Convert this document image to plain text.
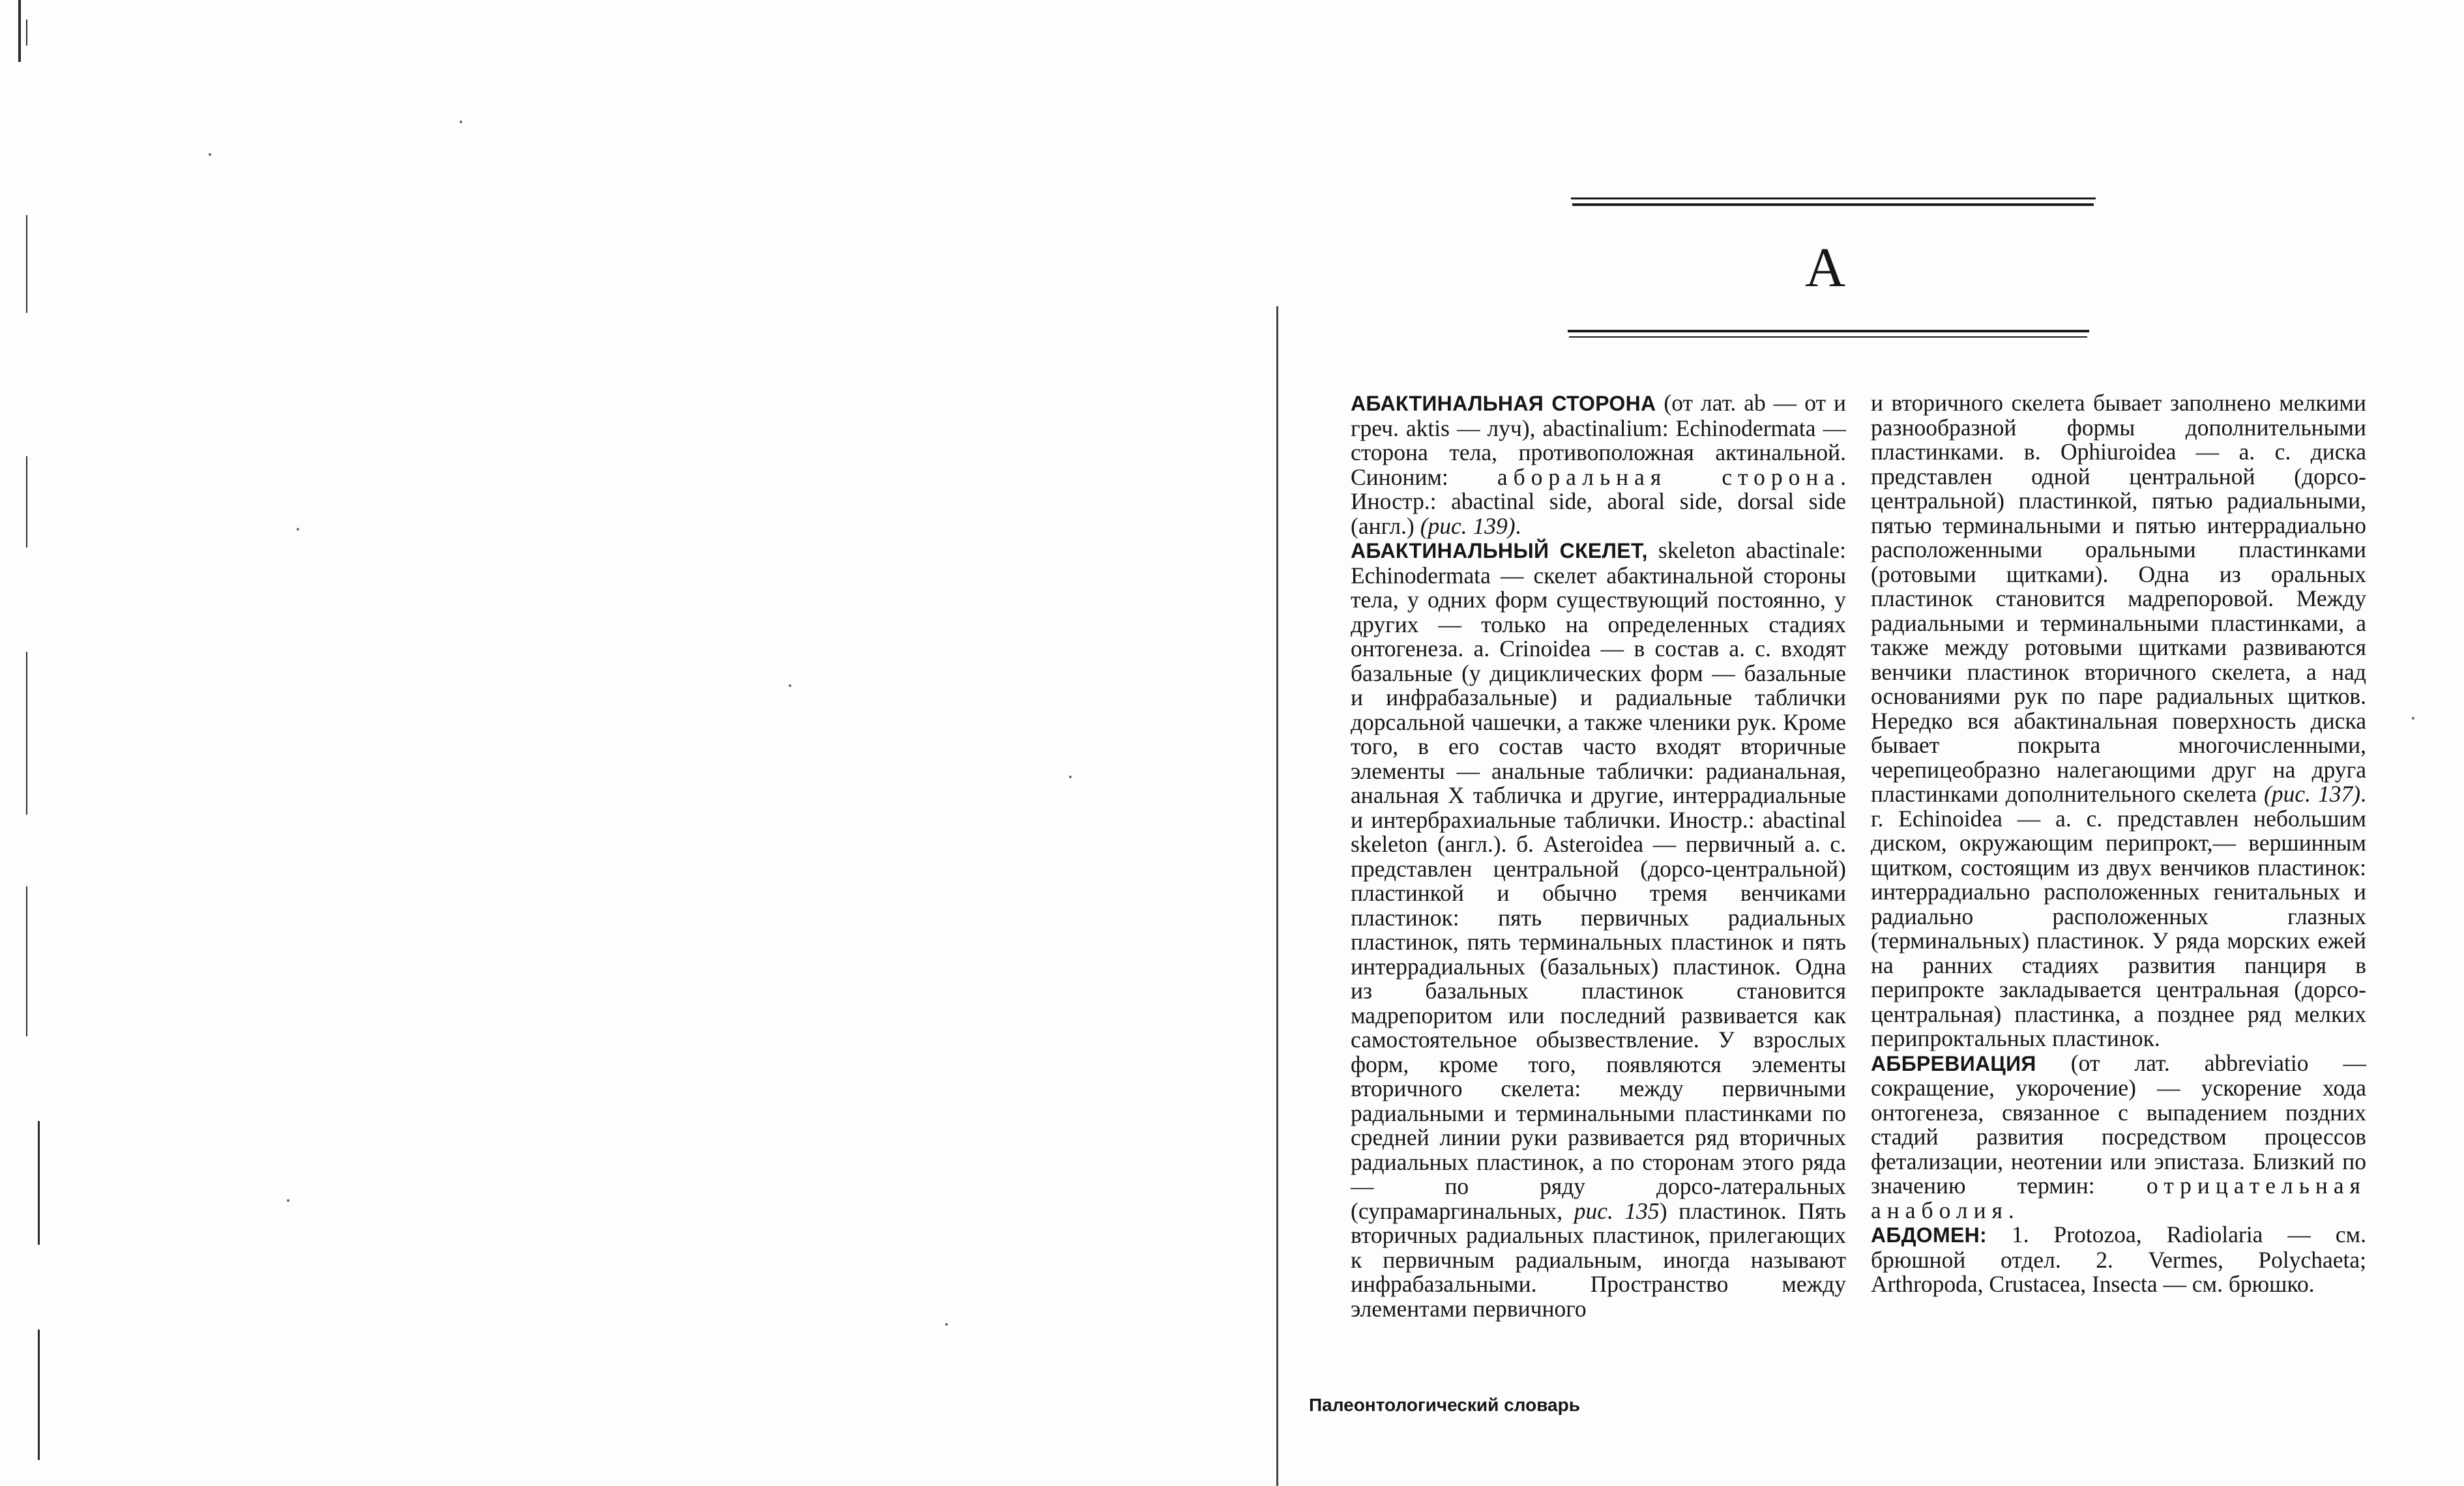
А

АБАКТИНАЛЬНАЯ СТОРОНА (от лат. ab — от и греч. aktis — луч), abactinalium: Echinodermata — сторона тела, противоположная актинальной. Синоним: абоpальная сторона. Иностр.: abactinal side, aboral side, dorsal side (англ.) (рис. 139).

АБАКТИНАЛЬНЫЙ СКЕЛЕТ, skeleton abactinale: Echinodermata — скелет абактинальной стороны тела, у одних форм существующий постоянно, у других — только на определенных стадиях онтогенеза. а. Crinoidea — в состав а. с. входят базальные (у дициклических форм — базальные и инфрабазальные) и радиальные таблички дорсальной чашечки, а также членики рук. Кроме того, в его состав часто входят вторичные элементы — анальные таблички: радианальная, анальная X табличка и другие, интеррадиальные и интербрахиальные таблички. Иностр.: abactinal skeleton (англ.). б. Asteroidea — первичный а. с. представлен центральной (дорсо-центральной) пластинкой и обычно тремя венчиками пластинок: пять первичных радиальных пластинок, пять терминальных пластинок и пять интеррадиальных (базальных) пластинок. Одна из базальных пластинок становится мадрепоритом или последний развивается как самостоятельное обызвествление. У взрослых форм, кроме того, появляются элементы вторичного скелета: между первичными радиальными и терминальными пластинками по средней линии руки развивается ряд вторичных радиальных пластинок, а по сторонам этого ряда — по ряду дорсо-латеральных (супрамаргинальных, рис. 135) пластинок. Пять вторичных радиальных пластинок, прилегающих к первичным радиальным, иногда называют инфрабазальными. Пространство между элементами первичного

и вторичного скелета бывает заполнено мелкими разнообразной формы дополнительными пластинками. в. Ophiuroidea — а. с. диска представлен одной центральной (дорсо-центральной) пластинкой, пятью радиальными, пятью терминальными и пятью интеррадиально расположенными оральными пластинками (ротовыми щитками). Одна из оральных пластинок становится мадрепоровой. Между радиальными и терминальными пластинками, а также между ротовыми щитками развиваются венчики пластинок вторичного скелета, а над основаниями рук по паре радиальных щитков. Нередко вся абактинальная поверхность диска бывает покрыта многочисленными, черепицеобразно налегающими друг на друга пластинками дополнительного скелета (рис. 137). г. Echinoidea — а. с. представлен небольшим диском, окружающим перипрокт,— вершинным щитком, состоящим из двух венчиков пластинок: интеррадиально расположенных генитальных и радиально расположенных глазных (терминальных) пластинок. У ряда морских ежей на ранних стадиях развития панциря в перипрокте закладывается центральная (дорсо-центральная) пластинка, а позднее ряд мелких перипроктальных пластинок.

АББРЕВИАЦИЯ (от лат. abbreviatio — сокращение, укорочение) — ускорение хода онтогенеза, связанное с выпадением поздних стадий развития посредством процессов фетализации, неотении или эпистаза. Близкий по значению термин: отрицательная анаболия.

АБДОМЕН: 1. Protozoa, Radiolaria — см. брюшной отдел. 2. Vermes, Polychaeta; Arthropoda, Crustacea, Insecta — см. брюшко.

Палеонтологический словарь
